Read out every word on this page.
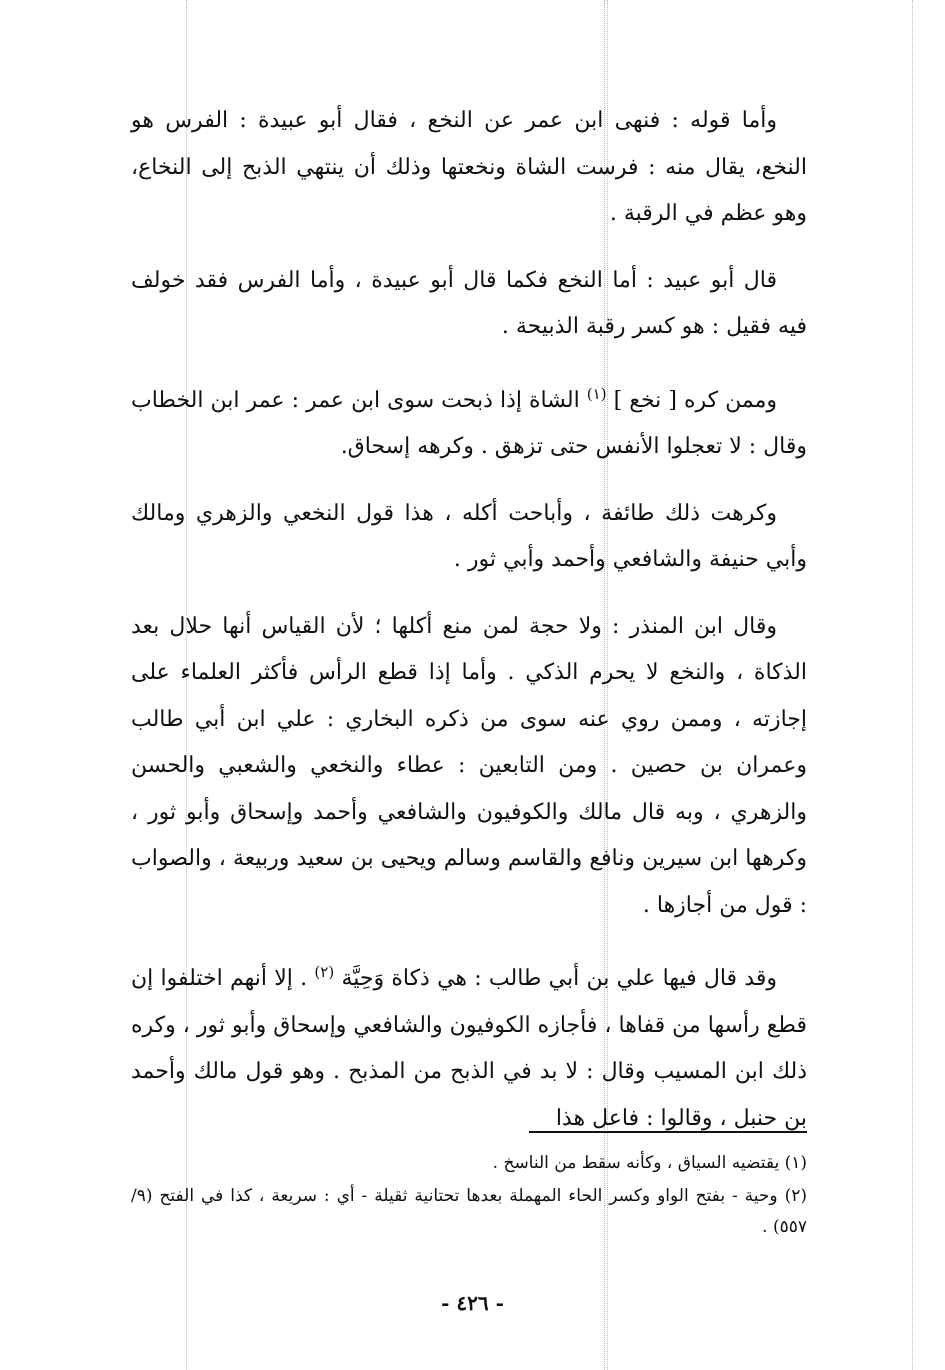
وأما قوله : فنهى ابن عمر عن النخع ، فقال أبو عبيدة : الفرس هو النخع، يقال منه : فرست الشاة ونخعتها وذلك أن ينتهي الذبح إلى النخاع، وهو عظم في الرقبة .

قال أبو عبيد : أما النخع فكما قال أبو عبيدة ، وأما الفرس فقد خولف فيه فقيل : هو كسر رقبة الذبيحة .

وممن كره [ نخع ] $^{(١)}$ الشاة إذا ذبحت سوى ابن عمر : عمر ابن الخطاب وقال : لا تعجلوا الأنفس حتى تزهق . وكرهه إسحاق.

وكرهت ذلك طائفة ، وأباحت أكله ، هذا قول النخعي والزهري ومالك وأبي حنيفة والشافعي وأحمد وأبي ثور .

وقال ابن المنذر : ولا حجة لمن منع أكلها ؛ لأن القياس أنها حلال بعد الذكاة ، والنخع لا يحرم الذكي . وأما إذا قطع الرأس فأكثر العلماء على إجازته ، وممن روي عنه سوى من ذكره البخاري : علي ابن أبي طالب وعمران بن حصين . ومن التابعين : عطاء والنخعي والشعبي والحسن والزهري ، وبه قال مالك والكوفيون والشافعي وأحمد وإسحاق وأبو ثور ، وكرهها ابن سيرين ونافع والقاسم وسالم ويحيى بن سعيد وربيعة ، والصواب : قول من أجازها .

وقد قال فيها علي بن أبي طالب : هي ذكاة وَحِيَّة $^{(٢)}$ . إلا أنهم اختلفوا إن قطع رأسها من قفاها ، فأجازه الكوفيون والشافعي وإسحاق وأبو ثور ، وكره ذلك ابن المسيب وقال : لا بد في الذبح من المذبح . وهو قول مالك وأحمد بن حنبل ، وقالوا : فاعل هذا

(١) يقتضيه السياق ، وكأنه سقط من الناسخ .

(٢) وحية - بفتح الواو وكسر الحاء المهملة بعدها تحتانية ثقيلة - أي : سريعة ، كذا في الفتح (٩/ ٥٥٧) .

- ٤٢٦ -
